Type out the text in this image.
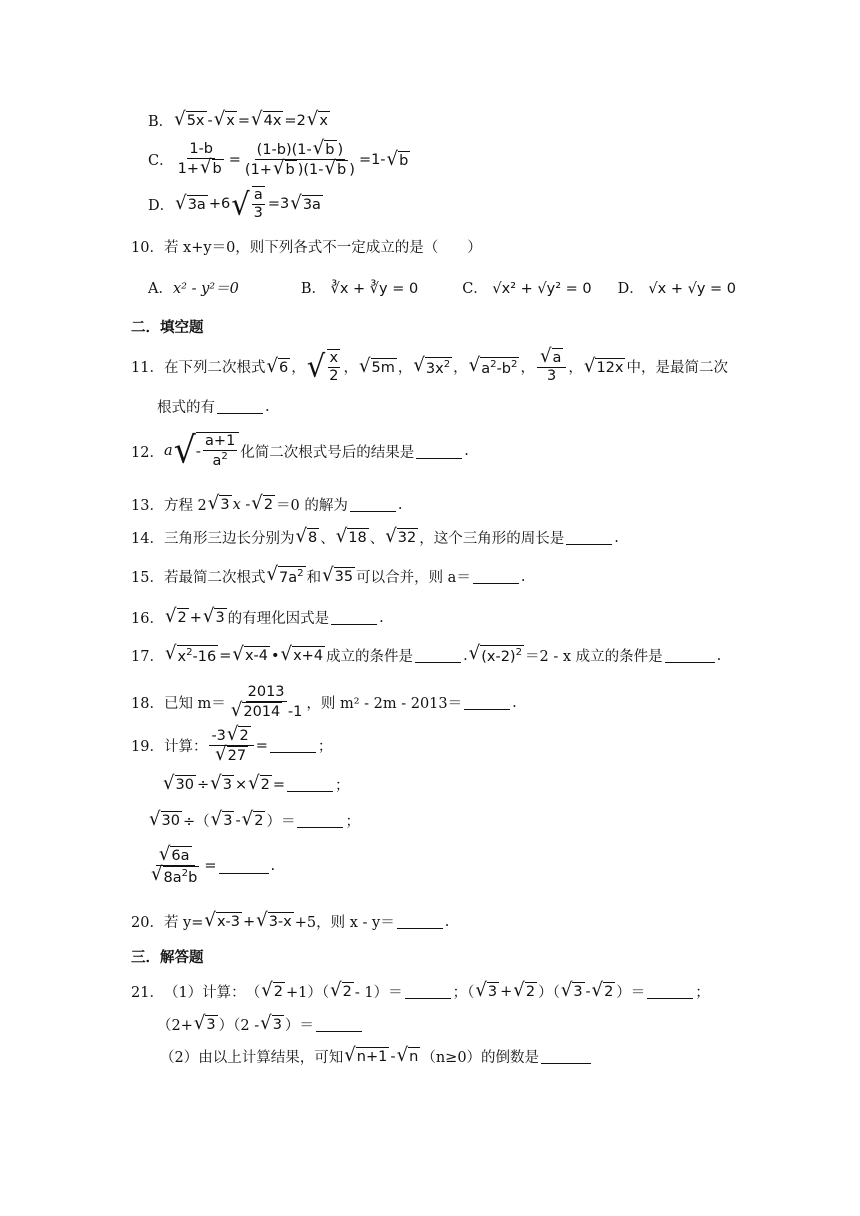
B． √ 5x - √ x = √ 4x = 2 √ x
C． $\frac{1-b}{1+ √ b} = \frac{(1-b)(1- √ b )}{(1+ √ b )(1- √ b )} =1-$ √ b
D． √ 3a +6 √ $\frac{a}{3} =3$ √ 3a
10． 若 x+y＝0，则下列各式不一定成立的是（　　）
A．x² - y²＝0	B． ∛x + ∛y = 0	C． √x² + √y² = 0 D． √x + √y = 0
二．填空题
11． 在下列二次根式 √ 6 ， √ $\frac{x}{2}$ ， √ 5m ， √ $3x^2$ ， √ $a^2-b^2$ ， $\frac{√ a}{3}$ ， √ 12x 中，是最简二次
根式的有	.
12． a √ - $\frac{a+1}{a^2}$ 化简二次根式号后的结果是	.
13． 方程 2 √ 3 x - √ 2 ＝0 的解为	.
14． 三角形三边长分别为 √ 8 、 √ 18 、 √ 32 ，这个三角形的周长是	.
15． 若最简二次根式 √ $7a^2$ 和 √ 35 可以合并，则 a＝	.
16． √ 2 + √ 3 的有理化因式是	.
17． √ $x^2-16$ = √ x-4 • √ x+4 成立的条件是	. √ $(x-2)^2 =2 - x$ 成立的条件是	.
18． 已知 $m= \frac{2013}{√ 2014 -1}$ ，则 m² - 2m - 2013＝	.
19． 计算： $\frac{-3 √ 2}{√ 27}$ =	；
√ 30 ÷ √ 3 × √ 2 =	；
√ 30 ÷（ √ 3 - √ 2 ）＝	；
$\frac{√ 6a}{√ 8a^2b}$ =	.
20． 若 y= √ x-3 + √ 3-x +5，则 x - y＝	.
三．解答题
21． （1）计算： （ √ 2 +1）（ √ 2 - 1）＝	；（ √ 3 + √ 2 ）（ √ 3 - √ 2 ）＝	；
（2+ √ 3 ）（2 - √ 3 ）＝
（2）由以上计算结果，可知 √ n+1 - √ n （n≥0）的倒数是
